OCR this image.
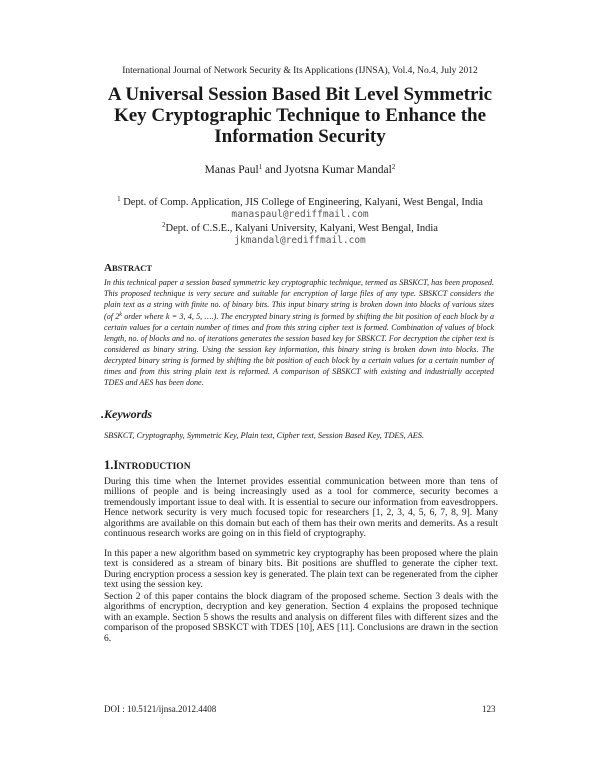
International Journal of Network Security & Its Applications (IJNSA), Vol.4, No.4, July 2012
A Universal Session Based Bit Level Symmetric
Key Cryptographic Technique to Enhance the
Information Security
Manas Paul$^1$ and Jyotsna Kumar Mandal$^2$
$^1$ Dept. of Comp. Application, JIS College of Engineering, Kalyani, West Bengal, India
manaspaul@rediffmail.com
$^2$Dept. of C.S.E., Kalyani University, Kalyani, West Bengal, India
jkmandal@rediffmail.com
ABSTRACT
In this technical paper a session based symmetric key cryptographic technique, termed as SBSKCT, has been proposed. This proposed technique is very secure and suitable for encryption of large files of any type. SBSKCT considers the plain text as a string with finite no. of binary bits. This input binary string is broken down into blocks of various sizes (of 2$^k$ order where k = 3, 4, 5, ….). The encrypted binary string is formed by shifting the bit position of each block by a certain values for a certain number of times and from this string cipher text is formed. Combination of values of block length, no. of blocks and no. of iterations generates the session based key for SBSKCT. For decryption the cipher text is considered as binary string. Using the session key information, this binary string is broken down into blocks. The decrypted binary string is formed by shifting the bit position of each block by a certain values for a certain number of times and from this string plain text is reformed. A comparison of SBSKCT with existing and industrially accepted TDES and AES has been done.
.Keywords
SBSKCT, Cryptography, Symmetric Key, Plain text, Cipher text, Session Based Key, TDES, AES.
1.INTRODUCTION
During this time when the Internet provides essential communication between more than tens of millions of people and is being increasingly used as a tool for commerce, security becomes a tremendously important issue to deal with. It is essential to secure our information from eavesdroppers. Hence network security is very much focused topic for researchers [1, 2, 3, 4, 5, 6, 7, 8, 9]. Many algorithms are available on this domain but each of them has their own merits and demerits. As a result continuous research works are going on in this field of cryptography.
In this paper a new algorithm based on symmetric key cryptography has been proposed where the plain text is considered as a stream of binary bits. Bit positions are shuffled to generate the cipher text. During encryption process a session key is generated. The plain text can be regenerated from the cipher text using the session key.
Section 2 of this paper contains the block diagram of the proposed scheme. Section 3 deals with the algorithms of encryption, decryption and key generation. Section 4 explains the proposed technique with an example. Section 5 shows the results and analysis on different files with different sizes and the comparison of the proposed SBSKCT with TDES [10], AES [11]. Conclusions are drawn in the section 6.
DOI : 10.5121/ijnsa.2012.4408	123
